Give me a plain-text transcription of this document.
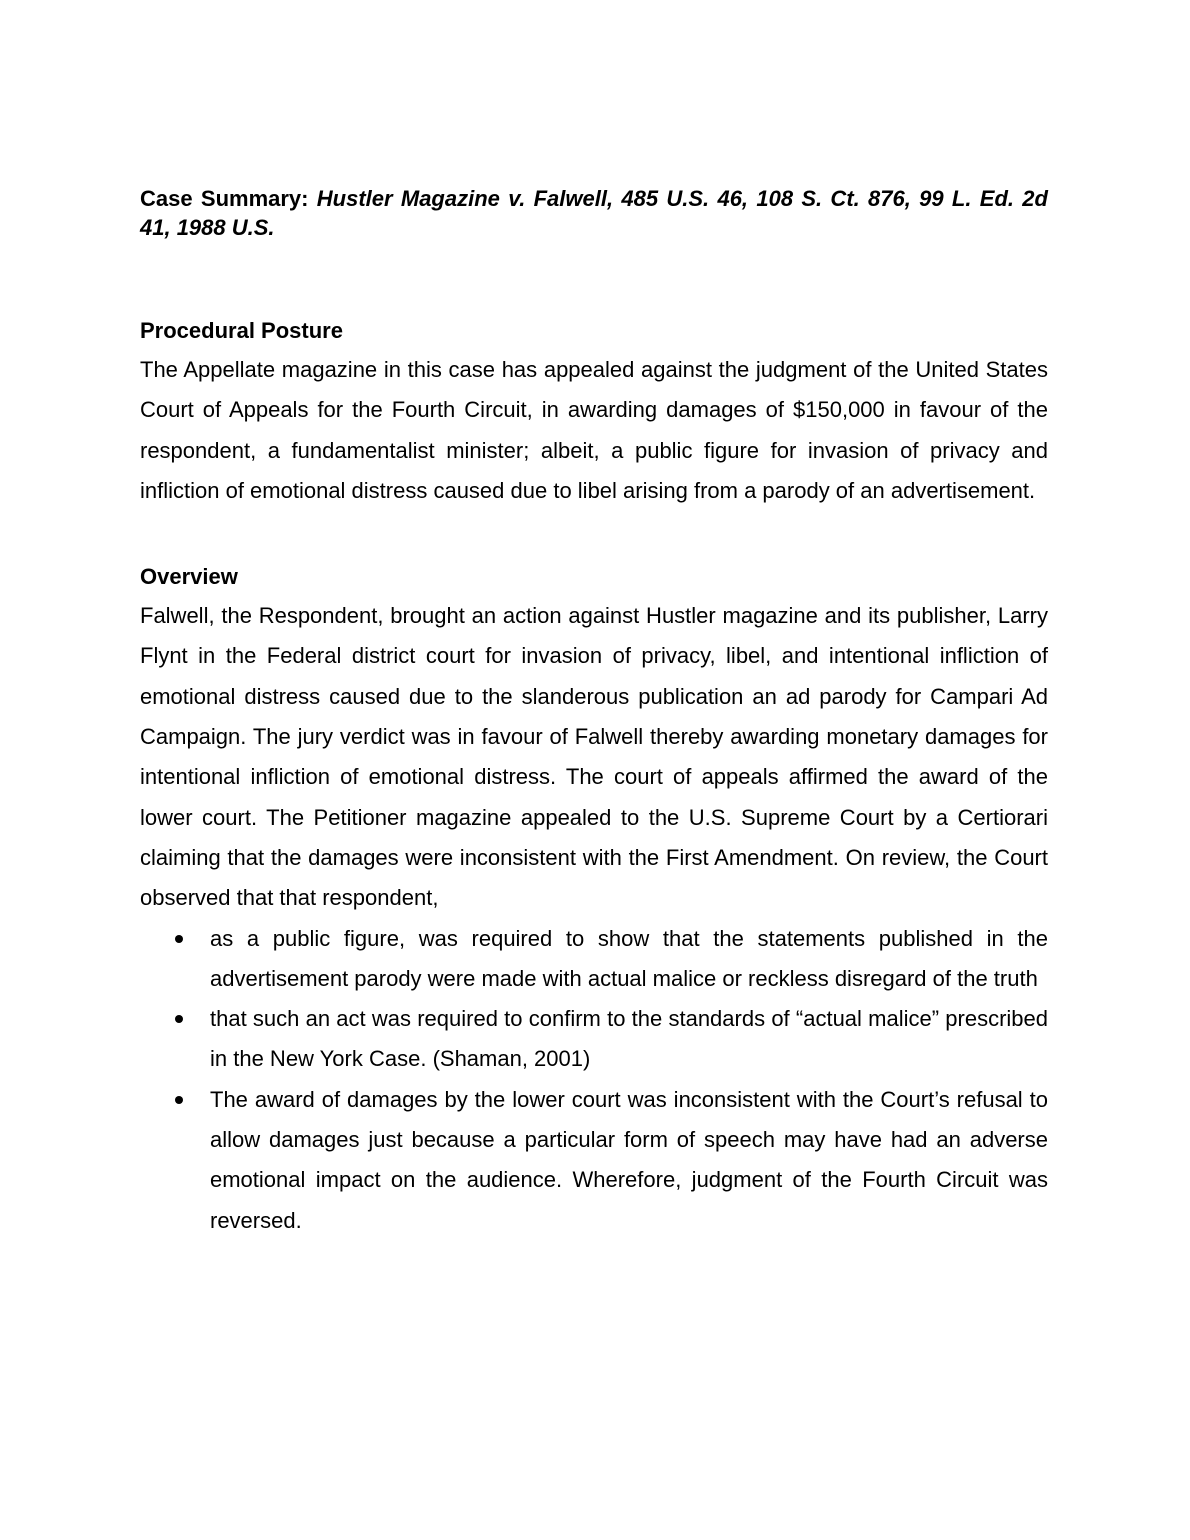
Case Summary: Hustler Magazine v. Falwell, 485 U.S. 46, 108 S. Ct. 876, 99 L. Ed. 2d 41, 1988 U.S.

Procedural Posture

The Appellate magazine in this case has appealed against the judgment of the United States Court of Appeals for the Fourth Circuit, in awarding damages of $150,000 in favour of the respondent, a fundamentalist minister; albeit, a public figure for invasion of privacy and infliction of emotional distress caused due to libel arising from a parody of an advertisement.

Overview

Falwell, the Respondent, brought an action against Hustler magazine and its publisher, Larry Flynt in the Federal district court for invasion of privacy, libel, and intentional infliction of emotional distress caused due to the slanderous publication an ad parody for Campari Ad Campaign. The jury verdict was in favour of Falwell thereby awarding monetary damages for intentional infliction of emotional distress. The court of appeals affirmed the award of the lower court. The Petitioner magazine appealed to the U.S. Supreme Court by a Certiorari claiming that the damages were inconsistent with the First Amendment. On review, the Court observed that that respondent,

as a public figure, was required to show that the statements published in the advertisement parody were made with actual malice or reckless disregard of the truth
that such an act was required to confirm to the standards of “actual malice” prescribed in the New York Case. (Shaman, 2001)
The award of damages by the lower court was inconsistent with the Court’s refusal to allow damages just because a particular form of speech may have had an adverse emotional impact on the audience. Wherefore, judgment of the Fourth Circuit was reversed.
